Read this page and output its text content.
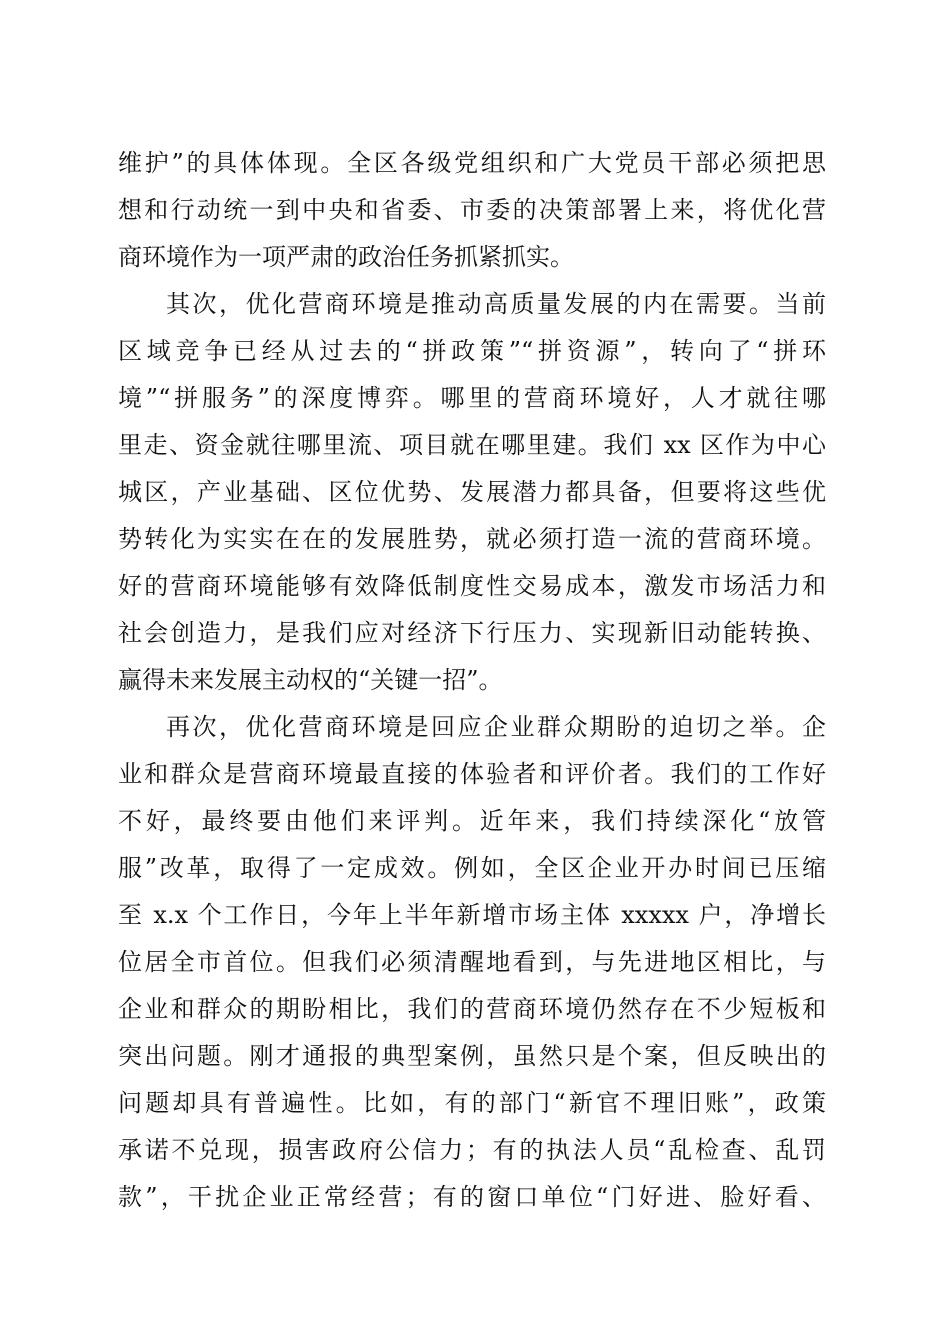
维护”的具体体现。全区各级党组织和广大党员干部必须把思
想和行动统一到中央和省委、市委的决策部署上来，将优化营
商环境作为一项严肃的政治任务抓紧抓实。
其次，优化营商环境是推动高质量发展的内在需要。当前
区域竞争已经从过去的“拼政策”“拼资源”，转向了“拼环
境”“拼服务”的深度博弈。哪里的营商环境好，人才就往哪
里走、资金就往哪里流、项目就在哪里建。我们 xx 区作为中心
城区，产业基础、区位优势、发展潜力都具备，但要将这些优
势转化为实实在在的发展胜势，就必须打造一流的营商环境。
好的营商环境能够有效降低制度性交易成本，激发市场活力和
社会创造力，是我们应对经济下行压力、实现新旧动能转换、
赢得未来发展主动权的“关键一招”。
再次，优化营商环境是回应企业群众期盼的迫切之举。企
业和群众是营商环境最直接的体验者和评价者。我们的工作好
不好，最终要由他们来评判。近年来，我们持续深化“放管
服”改革，取得了一定成效。例如，全区企业开办时间已压缩
至 x.x 个工作日，今年上半年新增市场主体 xxxxx 户，净增长
位居全市首位。但我们必须清醒地看到，与先进地区相比，与
企业和群众的期盼相比，我们的营商环境仍然存在不少短板和
突出问题。刚才通报的典型案例，虽然只是个案，但反映出的
问题却具有普遍性。比如，有的部门“新官不理旧账”，政策
承诺不兑现，损害政府公信力；有的执法人员“乱检查、乱罚
款”，干扰企业正常经营；有的窗口单位“门好进、脸好看、
